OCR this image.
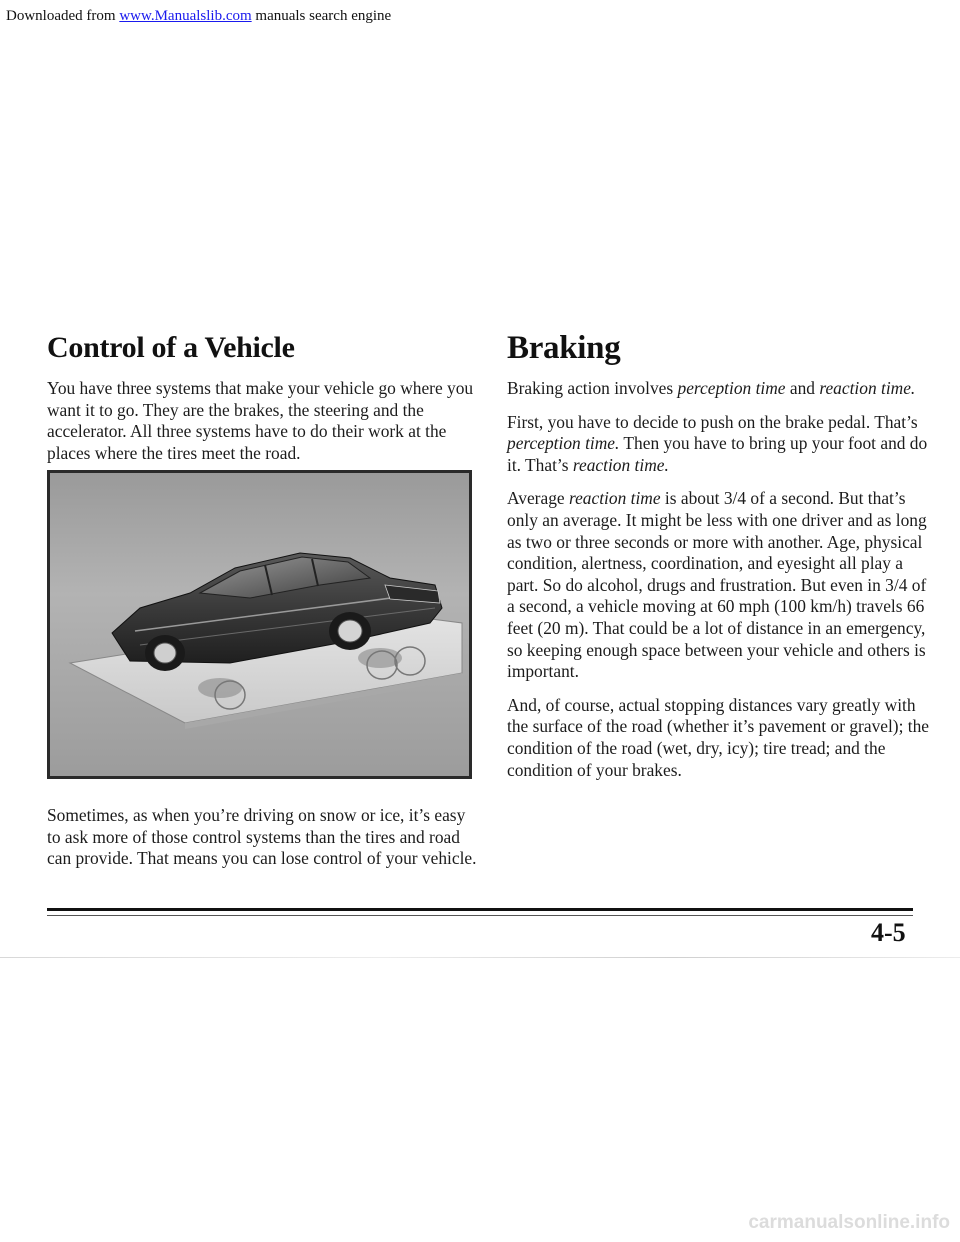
Downloaded from www.Manualslib.com manuals search engine
Control of a Vehicle

You have three systems that make your vehicle go where you want it to go. They are the brakes, the steering and the accelerator. All three systems have to do their work at the places where the tires meet the road.

Sometimes, as when you’re driving on snow or ice, it’s easy to ask more of those control systems than the tires and road can provide. That means you can lose control of your vehicle.

Braking

Braking action involves perception time and reaction time.

First, you have to decide to push on the brake pedal. That’s perception time. Then you have to bring up your foot and do it. That’s reaction time.

Average reaction time is about 3/4 of a second. But that’s only an average. It might be less with one driver and as long as two or three seconds or more with another. Age, physical condition, alertness, coordination, and eyesight all play a part. So do alcohol, drugs and frustration. But even in 3/4 of a second, a vehicle moving at 60 mph (100 km/h) travels 66 feet (20 m). That could be a lot of distance in an emergency, so keeping enough space between your vehicle and others is important.

And, of course, actual stopping distances vary greatly with the surface of the road (whether it’s pavement or gravel); the condition of the road (wet, dry, icy); tire tread; and the condition of your brakes.

4-5
carmanualsonline.info
